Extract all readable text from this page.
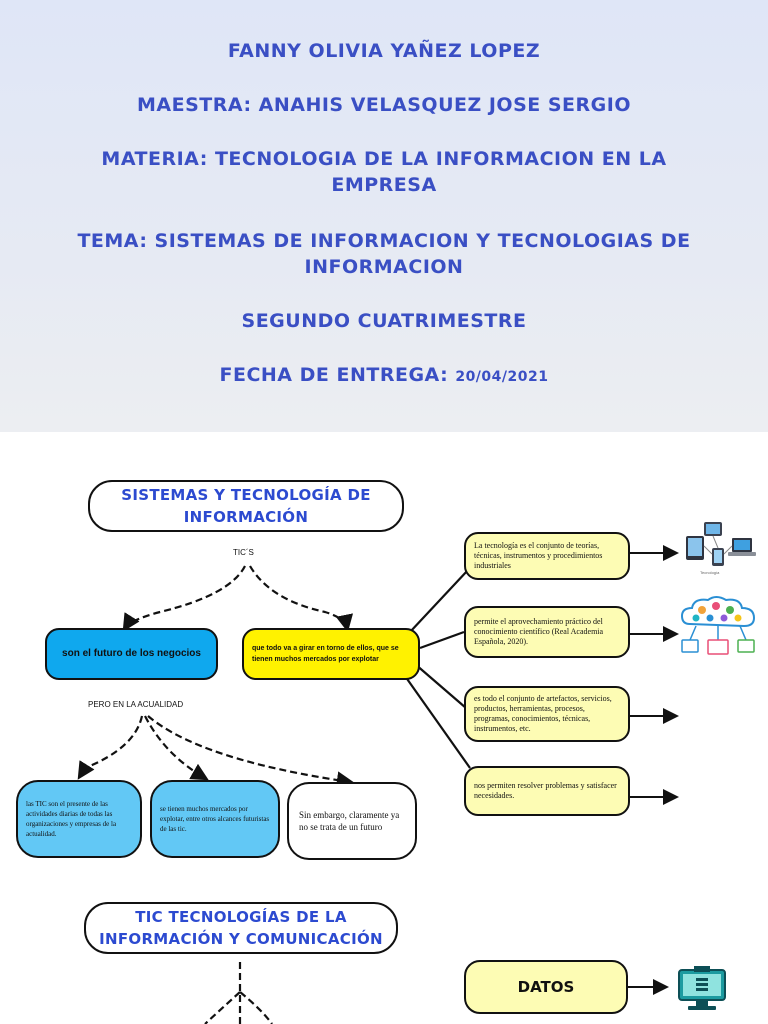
FANNY OLIVIA YAÑEZ LOPEZ
MAESTRA: ANAHIS VELASQUEZ JOSE SERGIO
MATERIA: TECNOLOGIA DE LA INFORMACION EN LA
EMPRESA
TEMA: SISTEMAS DE INFORMACION Y TECNOLOGIAS DE
INFORMACION
SEGUNDO CUATRIMESTRE
FECHA DE ENTREGA: 20/04/2021
SISTEMAS Y TECNOLOGÍA DE
INFORMACIÓN
TIC´S
son el futuro de los negocios	que todo va a girar en torno de ellos, que se tienen muchos mercados por explotar
PERO EN LA ACUALIDAD
las TIC son el presente de las actividades diarias de todas las organizaciones y empresas de la actualidad.
se tienen muchos mercados por explotar, entre otros alcances futuristas de las tic.
Sin embargo, claramente ya no se trata de un futuro
La tecnología es el conjunto de teorías, técnicas, instrumentos y procedimientos industriales
permite el aprovechamiento práctico del conocimiento científico (Real Academia Española, 2020).
es todo el conjunto de artefactos, servicios, productos, herramientas, procesos, programas, conocimientos, técnicas, instrumentos, etc.
nos permiten resolver problemas y satisfacer necesidades.
Tecnología
TIC TECNOLOGÍAS DE LA
INFORMACIÓN Y COMUNICACIÓN
DATOS
